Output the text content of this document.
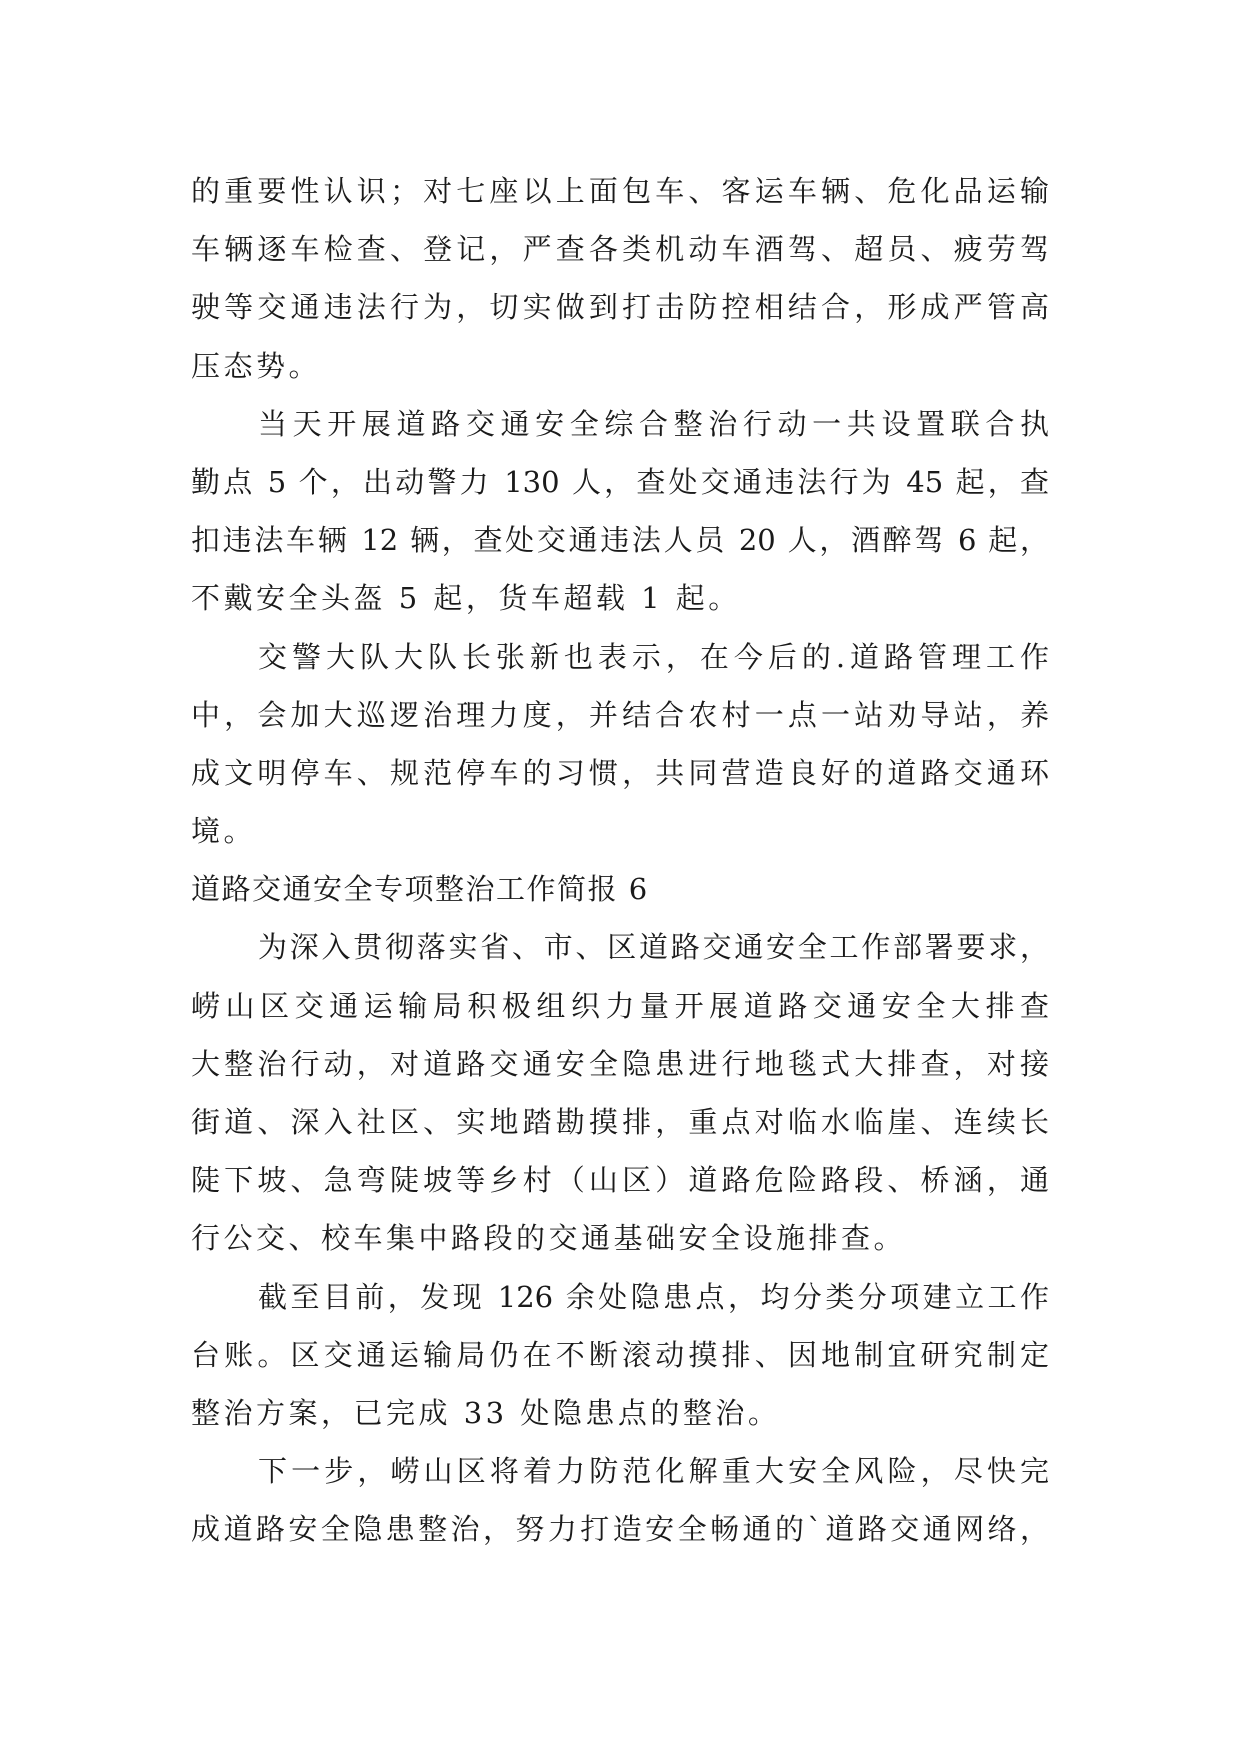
的重要性认识；对七座以上面包车、客运车辆、危化品运输
车辆逐车检查、登记，严查各类机动车酒驾、超员、疲劳驾
驶等交通违法行为，切实做到打击防控相结合，形成严管高
压态势。
当天开展道路交通安全综合整治行动一共设置联合执
勤点 5 个，出动警力 130 人，查处交通违法行为 45 起，查
扣违法车辆 12 辆，查处交通违法人员 20 人，酒醉驾 6 起，
不戴安全头盔 5 起，货车超载 1 起。
交警大队大队长张新也表示，在今后的.道路管理工作
中，会加大巡逻治理力度，并结合农村一点一站劝导站，养
成文明停车、规范停车的习惯，共同营造良好的道路交通环
境。
道路交通安全专项整治工作简报 6
为深入贯彻落实省、市、区道路交通安全工作部署要求，
崂山区交通运输局积极组织力量开展道路交通安全大排查
大整治行动，对道路交通安全隐患进行地毯式大排查，对接
街道、深入社区、实地踏勘摸排，重点对临水临崖、连续长
陡下坡、急弯陡坡等乡村（山区）道路危险路段、桥涵，通
行公交、校车集中路段的交通基础安全设施排查。
截至目前，发现 126 余处隐患点，均分类分项建立工作
台账。区交通运输局仍在不断滚动摸排、因地制宜研究制定
整治方案，已完成 33 处隐患点的整治。
下一步，崂山区将着力防范化解重大安全风险，尽快完
成道路安全隐患整治，努力打造安全畅通的`道路交通网络，
